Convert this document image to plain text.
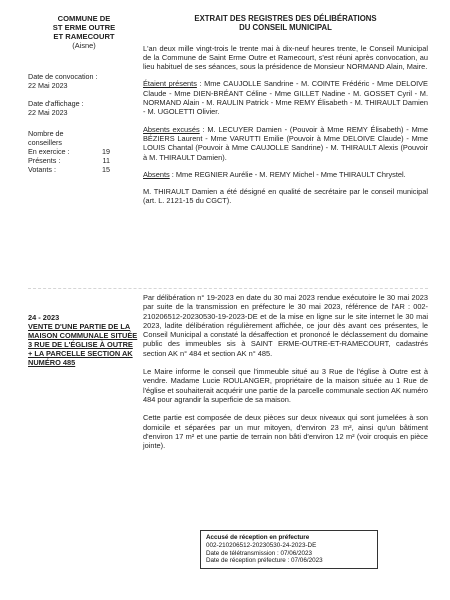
COMMUNE DE
ST ERME OUTRE
ET RAMECOURT
(Aisne)
Date de convocation :
22 Mai 2023
Date d'affichage :
22 Mai 2023
Nombre de
conseillers
En exercice :	19
Présents :	11
Votants :	15
EXTRAIT DES REGISTRES DES DÉLIBÉRATIONS
DU CONSEIL MUNICIPAL
L'an deux mille vingt-trois le trente mai à dix-neuf heures trente, le Conseil Municipal de la Commune de Saint Erme Outre et Ramecourt, s'est réuni après convocation, au lieu habituel de ses séances, sous la présidence de Monsieur NORMAND Alain, Maire.
Étaient présents : Mme CAUJOLLE Sandrine - M. COINTE Frédéric - Mme DELOIVE Claude - Mme DIEN-BRÉANT Céline - Mme GILLET Nadine - M. GOSSET Cyril - M. NORMAND Alain - M. RAULIN Patrick - Mme REMY Élisabeth - M. THIRAULT Damien - M. UGOLETTI Olivier.
Absents excusés : M. LECUYER Damien - (Pouvoir à Mme REMY Élisabeth) - Mme BÉZIERS Laurent - Mme VARUTTI Emilie (Pouvoir à Mme DELOIVE Claude) - Mme LOUIS Chantal (Pouvoir à Mme CAUJOLLE Sandrine) - M. THIRAULT Alexis (Pouvoir à M. THIRAULT Damien).
Absents : Mme REGNIER Aurélie - M. REMY Michel - Mme THIRAULT Chrystel.
M. THIRAULT Damien a été désigné en qualité de secrétaire par le conseil municipal (art. L. 2121-15 du CGCT).
24 - 2023
VENTE D'UNE PARTIE DE LA MAISON COMMUNALE SITUÉE 3 RUE DE L'ÉGLISE À OUTRE + LA PARCELLE SECTION AK NUMÉRO 485

Par délibération n° 19-2023 en date du 30 mai 2023 rendue exécutoire le 30 mai 2023 par suite de la transmission en préfecture le 30 mai 2023, référence de l'AR : 002-210206512-20230530-19-2023-DE et de la mise en ligne sur le site internet le 30 mai 2023, ladite délibération régulièrement affichée, ce jour dès avant ces présentes, le Conseil Municipal a constaté la désaffection et prononcé le déclassement du domaine public des immeubles sis à SAINT ERME-OUTRE-ET-RAMECOURT, cadastrés section AK n° 484 et section AK n° 485.

Le Maire informe le conseil que l'immeuble situé au 3 Rue de l'église à Outre est à vendre. Madame Lucie ROULANGER, propriétaire de la maison située au 1 Rue de l'église et souhaiterait acquérir une partie de la parcelle communale section AK numéro 484 pour agrandir la superficie de sa maison.

Cette partie est composée de deux pièces sur deux niveaux qui sont jumelées à son domicile et séparées par un mur mitoyen, d'environ 23 m², ainsi qu'un bâtiment d'environ 17 m² et une partie de terrain non bâti d'environ 12 m² (voir croquis en pièce jointe).

Accusé de réception en préfecture
002-210206512-20230530-24-2023-DE
Date de télétransmission : 07/06/2023
Date de réception préfecture : 07/06/2023
